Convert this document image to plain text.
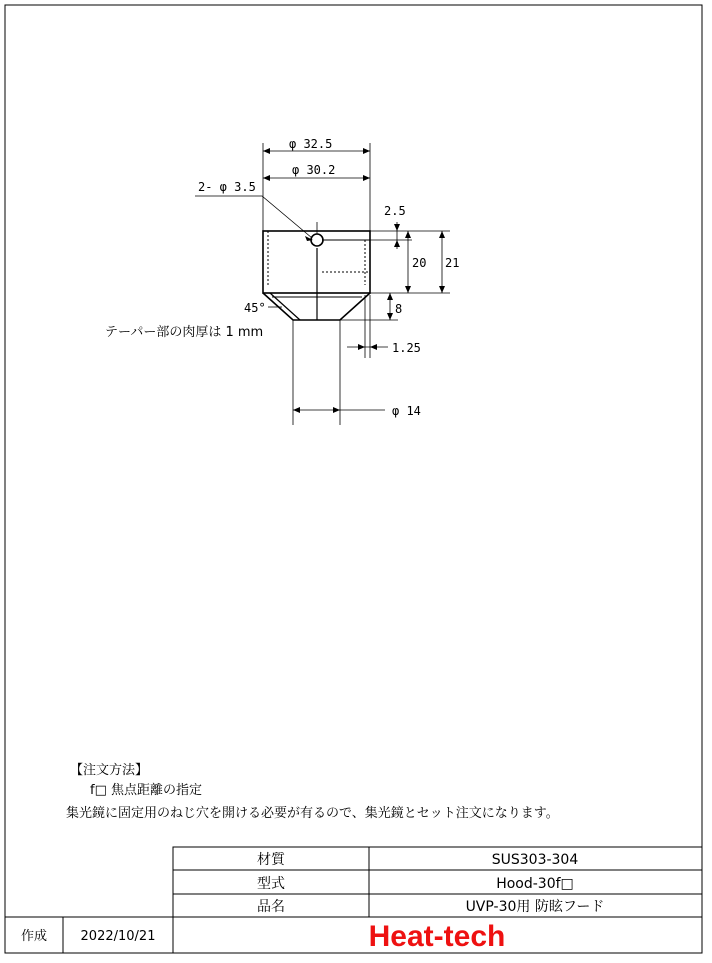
φ 32.5
φ 30.2
2- φ 3.5
2.5
20 21
8
45°
1.25
φ 14
テーパー部の肉厚は 1 mm
【注文方法】
f□ 焦点距離の指定
集光鏡に固定用のねじ穴を開ける必要が有るので、集光鏡とセット注文になります。
材質	SUS303-304
型式	Hood-30f□
品名	UVP-30用 防眩フード
作成	2022/10/21	Heat-tech
